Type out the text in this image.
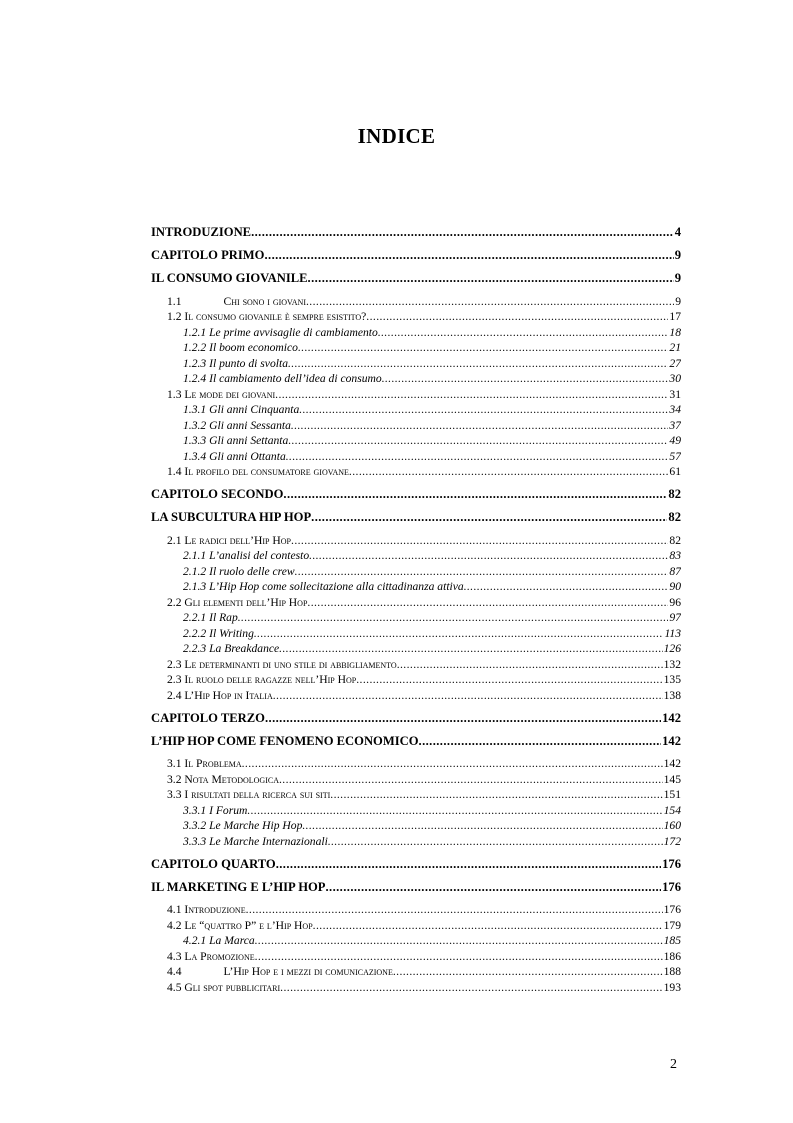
INDICE
INTRODUZIONE .....	4
CAPITOLO PRIMO .....	9
IL CONSUMO GIOVANILE .....	9
1.1	Chi sono i giovani .....	9
1.2 Il consumo giovanile è sempre esistito? .....	17
1.2.1 Le prime avvisaglie di cambiamento .....	18
1.2.2 Il boom economico .....	21
1.2.3 Il punto di svolta .....	27
1.2.4 Il cambiamento dell’idea di consumo .....	30
1.3 Le mode dei giovani .....	31
1.3.1 Gli anni Cinquanta .....	34
1.3.2 Gli anni Sessanta .....	37
1.3.3 Gli anni Settanta .....	49
1.3.4 Gli anni Ottanta .....	57
1.4 Il profilo del consumatore giovane .....	61
CAPITOLO SECONDO .....	82
LA SUBCULTURA HIP HOP .....	82
2.1 Le radici dell’Hip Hop .....	82
2.1.1 L’analisi del contesto .....	83
2.1.2 Il ruolo delle crew .....	87
2.1.3 L’Hip Hop come sollecitazione alla cittadinanza attiva .....	90
2.2 Gli elementi dell’Hip Hop .....	96
2.2.1 Il Rap .....	97
2.2.2 Il Writing .....	113
2.2.3 La Breakdance .....	126
2.3 Le determinanti di uno stile di abbigliamento .....	132
2.3 Il ruolo delle ragazze nell’Hip Hop .....	135
2.4 L’Hip Hop in Italia .....	138
CAPITOLO TERZO .....	142
L’HIP HOP COME FENOMENO ECONOMICO .....	142
3.1 Il Problema .....	142
3.2 Nota Metodologica .....	145
3.3 I risultati della ricerca sui siti .....	151
3.3.1 I Forum .....	154
3.3.2 Le Marche Hip Hop .....	160
3.3.3 Le Marche Internazionali .....	172
CAPITOLO QUARTO .....	176
IL MARKETING E L’HIP HOP .....	176
4.1 Introduzione .....	176
4.2 Le “quattro P” e l’Hip Hop .....	179
4.2.1 La Marca .....	185
4.3 La Promozione .....	186
4.4	L’Hip Hop e i mezzi di comunicazione .....	188
4.5 Gli spot pubblicitari .....	193
2
